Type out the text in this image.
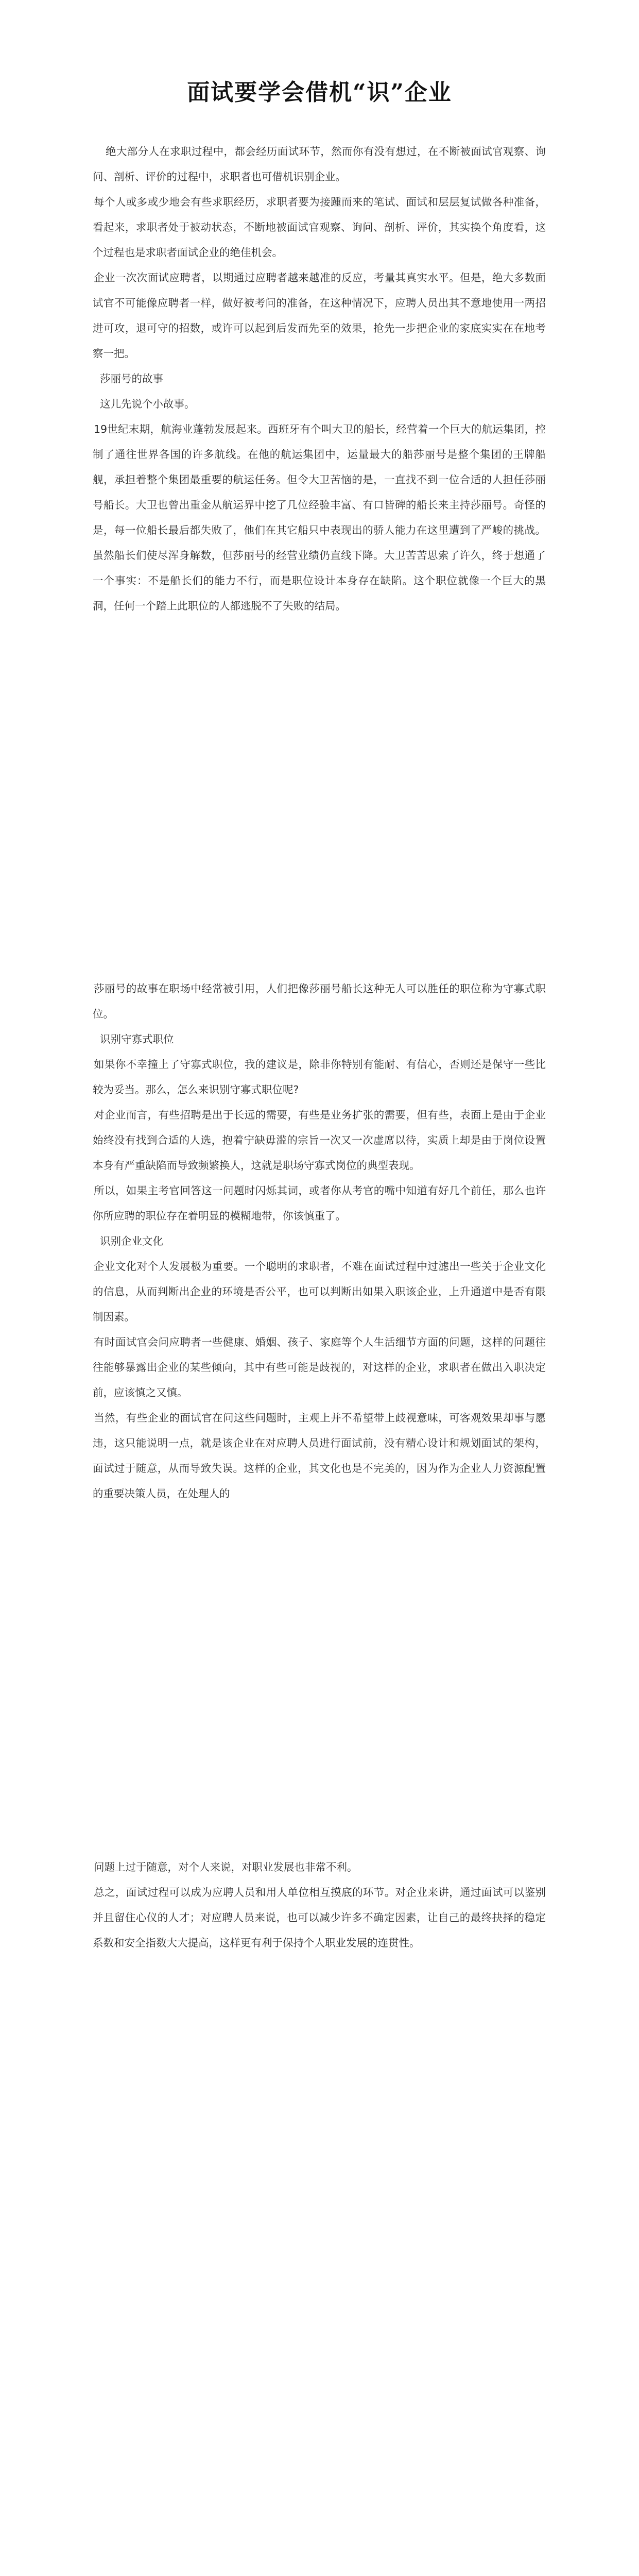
面试要学会借机“识”企业

绝大部分人在求职过程中，都会经历面试环节，然而你有没有想过，在不断被面试官观察、询问、剖析、评价的过程中，求职者也可借机识别企业。

每个人或多或少地会有些求职经历，求职者要为接踵而来的笔试、面试和层层复试做各种准备，看起来，求职者处于被动状态，不断地被面试官观察、询问、剖析、评价，其实换个角度看，这个过程也是求职者面试企业的绝佳机会。

企业一次次面试应聘者，以期通过应聘者越来越准的反应，考量其真实水平。但是，绝大多数面试官不可能像应聘者一样，做好被考问的准备，在这种情况下，应聘人员出其不意地使用一两招进可攻，退可守的招数，或许可以起到后发而先至的效果，抢先一步把企业的家底实实在在地考察一把。

莎丽号的故事

这儿先说个小故事。

19世纪末期，航海业蓬勃发展起来。西班牙有个叫大卫的船长，经营着一个巨大的航运集团，控制了通往世界各国的许多航线。在他的航运集团中，运量最大的船莎丽号是整个集团的王牌船舰，承担着整个集团最重要的航运任务。但令大卫苦恼的是，一直找不到一位合适的人担任莎丽号船长。大卫也曾出重金从航运界中挖了几位经验丰富、有口皆碑的船长来主持莎丽号。奇怪的是，每一位船长最后都失败了，他们在其它船只中表现出的骄人能力在这里遭到了严峻的挑战。虽然船长们使尽浑身解数，但莎丽号的经营业绩仍直线下降。大卫苦苦思索了许久，终于想通了一个事实：不是船长们的能力不行，而是职位设计本身存在缺陷。这个职位就像一个巨大的黑洞，任何一个踏上此职位的人都逃脱不了失败的结局。

莎丽号的故事在职场中经常被引用，人们把像莎丽号船长这种无人可以胜任的职位称为守寡式职位。

识别守寡式职位

如果你不幸撞上了守寡式职位，我的建议是，除非你特别有能耐、有信心，否则还是保守一些比较为妥当。那么，怎么来识别守寡式职位呢?

对企业而言，有些招聘是出于长远的需要，有些是业务扩张的需要，但有些，表面上是由于企业始终没有找到合适的人选，抱着宁缺毋滥的宗旨一次又一次虚席以待，实质上却是由于岗位设置本身有严重缺陷而导致频繁换人，这就是职场守寡式岗位的典型表现。

所以，如果主考官回答这一问题时闪烁其词，或者你从考官的嘴中知道有好几个前任，那么也许你所应聘的职位存在着明显的模糊地带，你该慎重了。

识别企业文化

企业文化对个人发展极为重要。一个聪明的求职者，不难在面试过程中过滤出一些关于企业文化的信息，从而判断出企业的环境是否公平，也可以判断出如果入职该企业，上升通道中是否有限制因素。

有时面试官会问应聘者一些健康、婚姻、孩子、家庭等个人生活细节方面的问题，这样的问题往往能够暴露出企业的某些倾向，其中有些可能是歧视的，对这样的企业，求职者在做出入职决定前，应该慎之又慎。

当然，有些企业的面试官在问这些问题时，主观上并不希望带上歧视意味，可客观效果却事与愿违，这只能说明一点，就是该企业在对应聘人员进行面试前，没有精心设计和规划面试的架构，面试过于随意，从而导致失误。这样的企业，其文化也是不完美的，因为作为企业人力资源配置的重要决策人员，在处理人的

问题上过于随意，对个人来说，对职业发展也非常不利。

总之，面试过程可以成为应聘人员和用人单位相互摸底的环节。对企业来讲，通过面试可以鉴别并且留住心仪的人才；对应聘人员来说，也可以减少许多不确定因素，让自己的最终抉择的稳定系数和安全指数大大提高，这样更有利于保持个人职业发展的连贯性。
